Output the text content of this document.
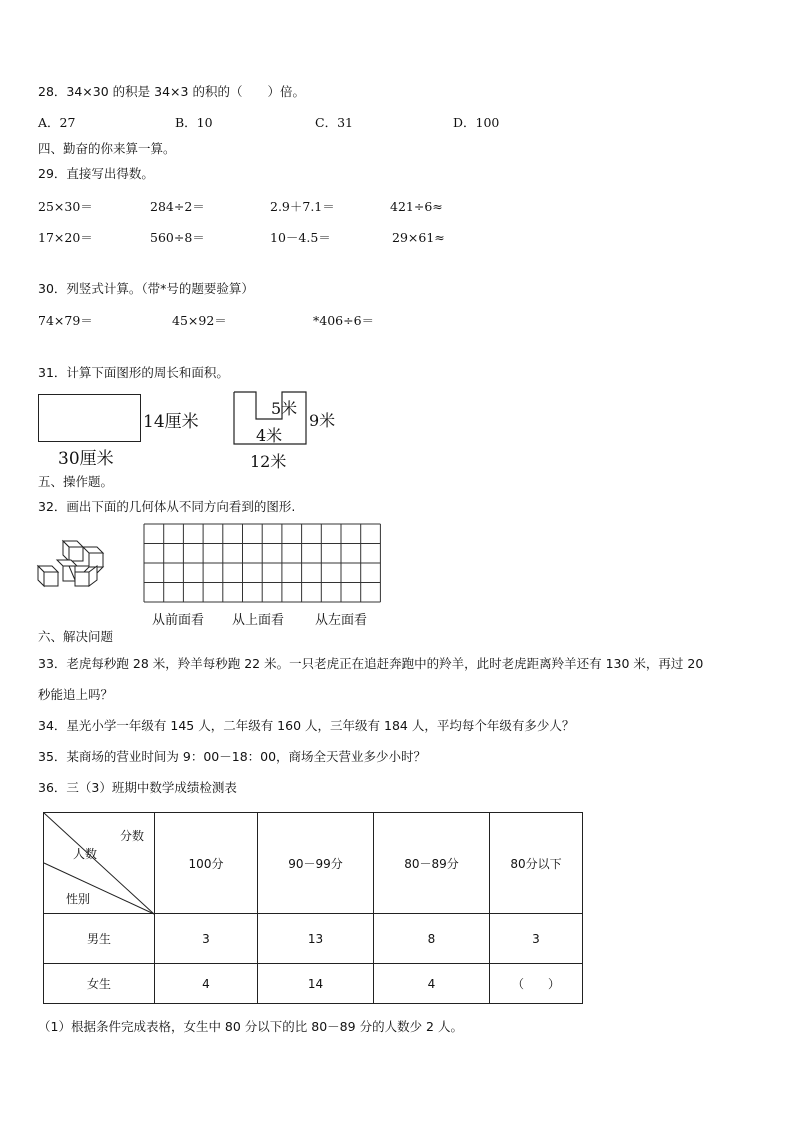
28．34×30 的积是 34×3 的积的（　　）倍。
A．27	B．10	C．31	D．100
四、勤奋的你来算一算。
29．直接写出得数。
25×30＝	284÷2＝	2.9＋7.1＝	421÷6≈
17×20＝	560÷8＝	10－4.5＝	29×61≈
30．列竖式计算。（带*号的题要验算）
74×79＝	45×92＝	*406÷6＝
31．计算下面图形的周长和面积。
14厘米
30厘米
5米
9米
4米
12米
五、操作题。
32．画出下面的几何体从不同方向看到的图形.
从前面看 从上面看 从左面看
六、解决问题
33．老虎每秒跑 28 米，羚羊每秒跑 22 米。一只老虎正在追赶奔跑中的羚羊，此时老虎距离羚羊还有 130 米，再过 20
秒能追上吗？
34．星光小学一年级有 145 人，二年级有 160 人，三年级有 184 人，平均每个年级有多少人？
35．某商场的营业时间为 9：00－18：00，商场全天营业多少小时？
36．三（3）班期中数学成绩检测表
分数
人数
性别	100分	90－99分	80－89分	80分以下
男生	3	13	8	3
女生	4	14	4	（　　）
（1）根据条件完成表格，女生中 80 分以下的比 80－89 分的人数少 2 人。
